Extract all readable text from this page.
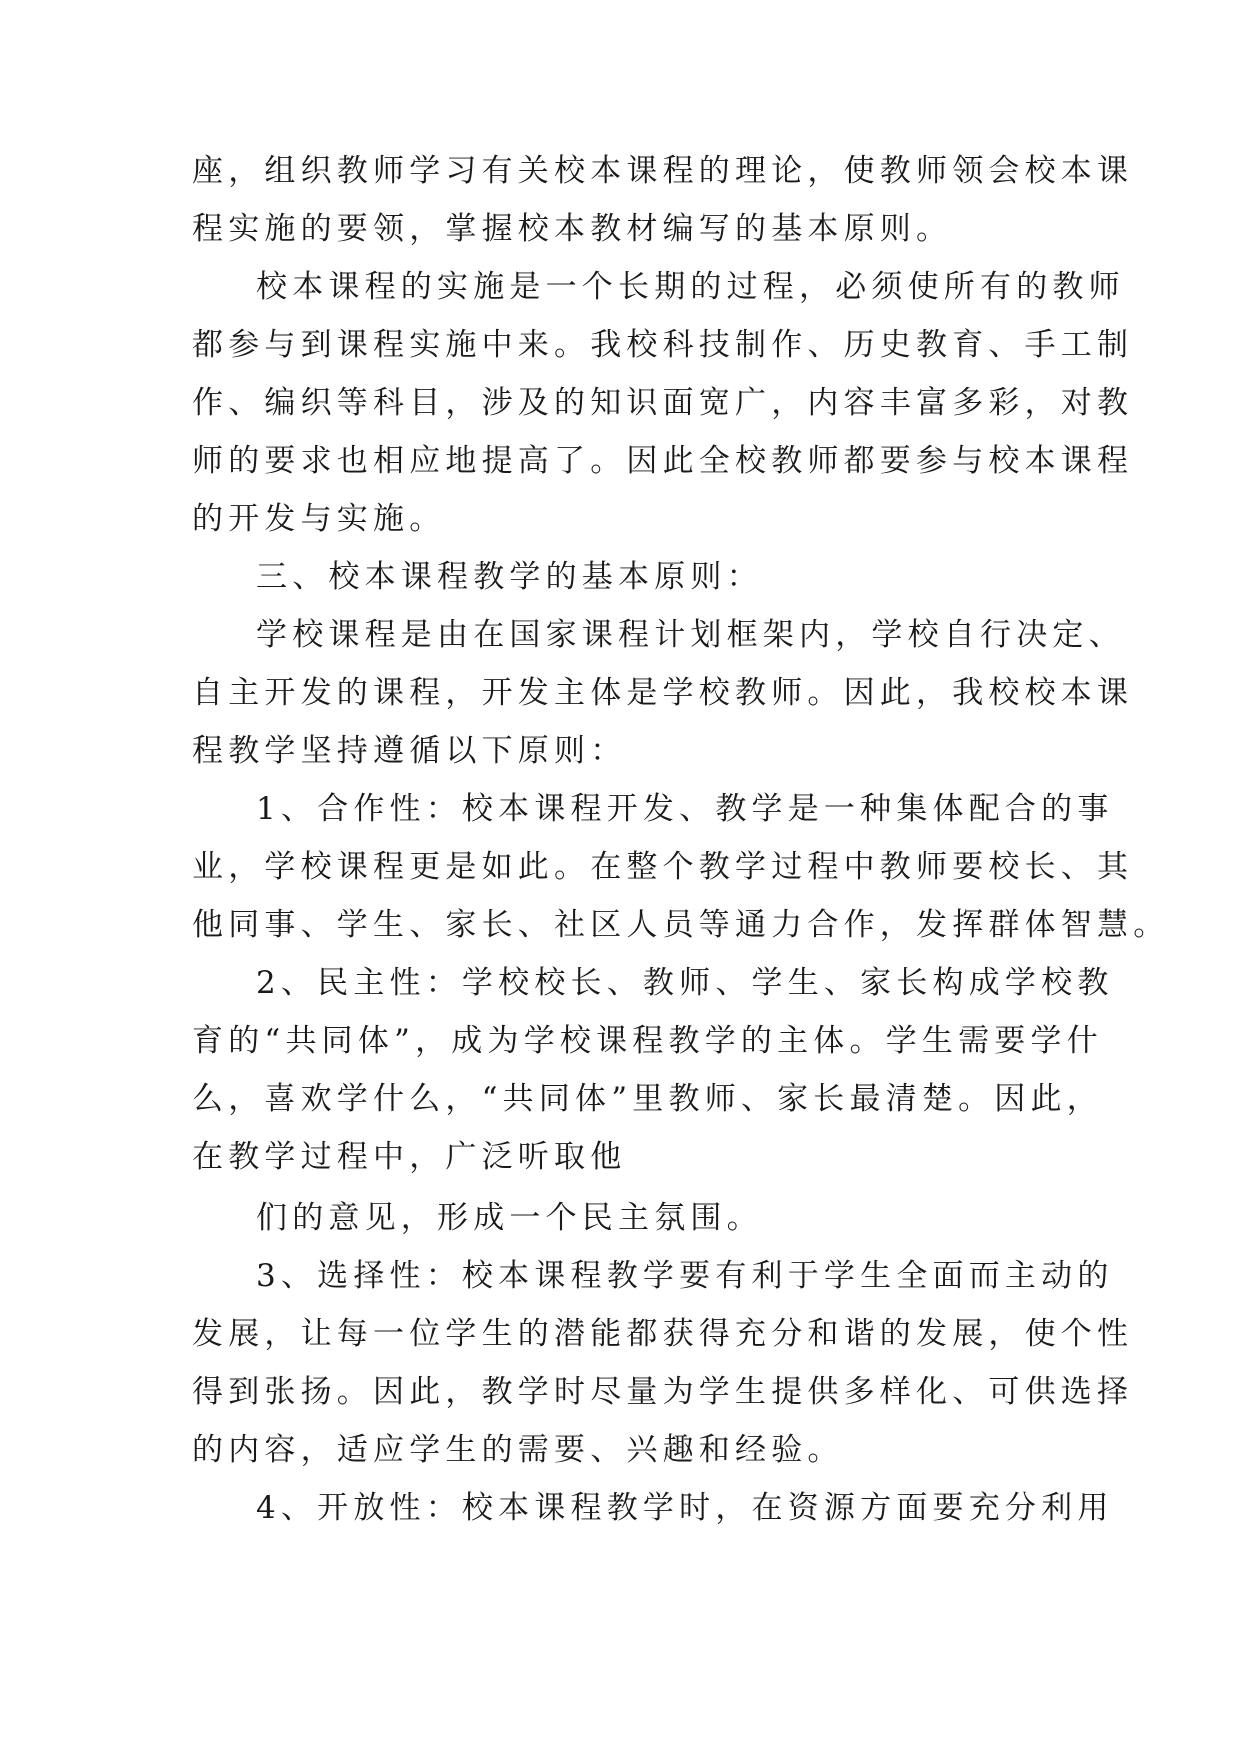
座，组织教师学习有关校本课程的理论，使教师领会校本课

程实施的要领，掌握校本教材编写的基本原则。

校本课程的实施是一个长期的过程，必须使所有的教师

都参与到课程实施中来。我校科技制作、历史教育、手工制

作、编织等科目，涉及的知识面宽广，内容丰富多彩，对教

师的要求也相应地提高了。因此全校教师都要参与校本课程

的开发与实施。

三、校本课程教学的基本原则：

学校课程是由在国家课程计划框架内，学校自行决定、

自主开发的课程，开发主体是学校教师。因此，我校校本课

程教学坚持遵循以下原则：

1、合作性：校本课程开发、教学是一种集体配合的事

业，学校课程更是如此。在整个教学过程中教师要校长、其

他同事、学生、家长、社区人员等通力合作，发挥群体智慧。

2、民主性：学校校长、教师、学生、家长构成学校教

育的“共同体”，成为学校课程教学的主体。学生需要学什

么，喜欢学什么，“共同体”里教师、家长最清楚。因此，

在教学过程中，广泛听取他

们的意见，形成一个民主氛围。

3、选择性：校本课程教学要有利于学生全面而主动的

发展，让每一位学生的潜能都获得充分和谐的发展，使个性

得到张扬。因此，教学时尽量为学生提供多样化、可供选择

的内容，适应学生的需要、兴趣和经验。

4、开放性：校本课程教学时，在资源方面要充分利用
